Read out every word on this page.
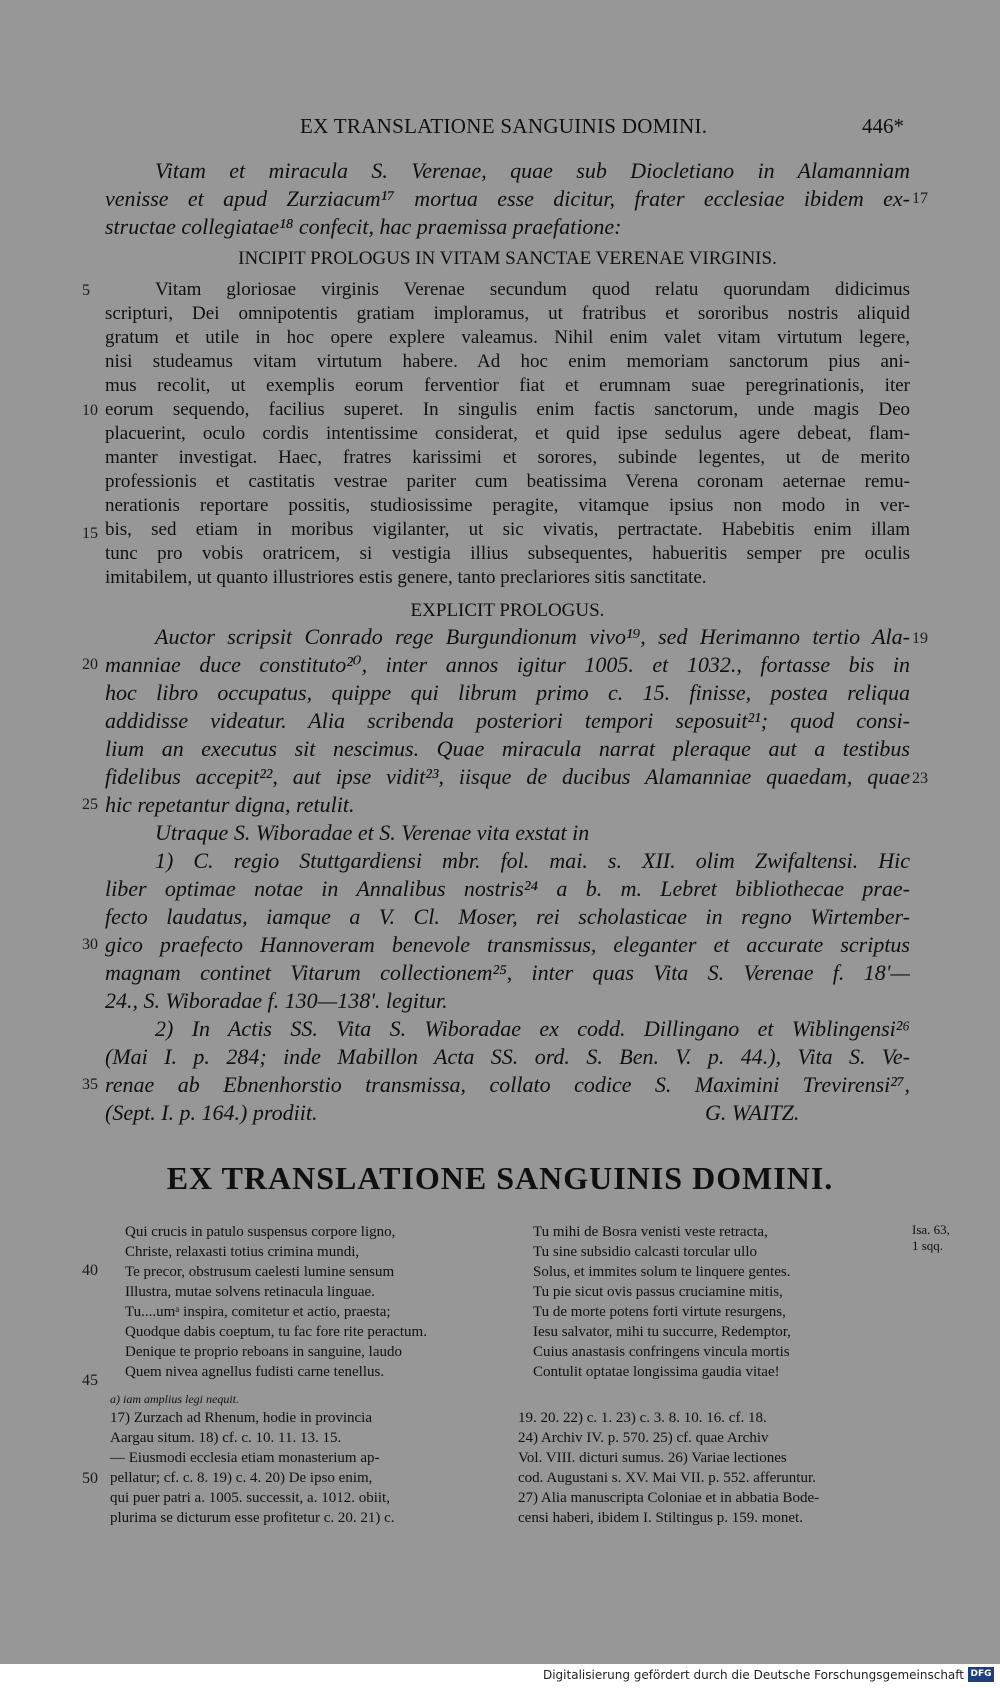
EX TRANSLATIONE SANGUINIS DOMINI.	446*
Vitam et miracula S. Verenae, quae sub Diocletiano in Alamanniam
venisse et apud Zurziacum¹⁷ mortua esse dicitur, frater ecclesiae ibidem ex-
structae collegiatae¹⁸ confecit, hac praemissa praefatione:
INCIPIT PROLOGUS IN VITAM SANCTAE VERENAE VIRGINIS.
Vitam gloriosae virginis Verenae secundum quod relatu quorundam didicimus
scripturi, Dei omnipotentis gratiam imploramus, ut fratribus et sororibus nostris aliquid
gratum et utile in hoc opere explere valeamus. Nihil enim valet vitam virtutum legere,
nisi studeamus vitam virtutum habere. Ad hoc enim memoriam sanctorum pius ani-
mus recolit, ut exemplis eorum ferventior fiat et erumnam suae peregrinationis, iter
eorum sequendo, facilius superet. In singulis enim factis sanctorum, unde magis Deo
placuerint, oculo cordis intentissime considerat, et quid ipse sedulus agere debeat, flam-
manter investigat. Haec, fratres karissimi et sorores, subinde legentes, ut de merito
professionis et castitatis vestrae pariter cum beatissima Verena coronam aeternae remu-
nerationis reportare possitis, studiosissime peragite, vitamque ipsius non modo in ver-
bis, sed etiam in moribus vigilanter, ut sic vivatis, pertractate. Habebitis enim illam
tunc pro vobis oratricem, si vestigia illius subsequentes, habueritis semper pre oculis
imitabilem, ut quanto illustriores estis genere, tanto preclariores sitis sanctitate.
EXPLICIT PROLOGUS.
Auctor scripsit Conrado rege Burgundionum vivo¹⁹, sed Herimanno tertio Ala-
manniae duce constituto²⁰, inter annos igitur 1005. et 1032., fortasse bis in
hoc libro occupatus, quippe qui librum primo c. 15. finisse, postea reliqua
addidisse videatur. Alia scribenda posteriori tempori seposuit²¹; quod consi-
lium an executus sit nescimus. Quae miracula narrat pleraque aut a testibus
fidelibus accepit²², aut ipse vidit²³, iisque de ducibus Alamanniae quaedam, quae
hic repetantur digna, retulit.
Utraque S. Wiboradae et S. Verenae vita exstat in
1) C. regio Stuttgardiensi mbr. fol. mai. s. XII. olim Zwifaltensi. Hic
liber optimae notae in Annalibus nostris²⁴ a b. m. Lebret bibliothecae prae-
fecto laudatus, iamque a V. Cl. Moser, rei scholasticae in regno Wirtember-
gico praefecto Hannoveram benevole transmissus, eleganter et accurate scriptus
magnam continet Vitarum collectionem²⁵, inter quas Vita S. Verenae f. 18'—
24., S. Wiboradae f. 130—138'. legitur.
2) In Actis SS. Vita S. Wiboradae ex codd. Dillingano et Wiblingensi²⁶
(Mai I. p. 284; inde Mabillon Acta SS. ord. S. Ben. V. p. 44.), Vita S. Ve-
renae ab Ebnenhorstio transmissa, collato codice S. Maximini Trevirensi²⁷,
(Sept. I. p. 164.) prodiit.	G. WAITZ.
5
10
15
20
25
30
35
40
45
50
17
19
23
EX TRANSLATIONE SANGUINIS DOMINI.
Qui crucis in patulo suspensus corpore ligno,
Christe, relaxasti totius crimina mundi,
Te precor, obstrusum caelesti lumine sensum
Illustra, mutae solvens retinacula linguae.
Tu....umᵃ inspira, comitetur et actio, praesta;
Quodque dabis coeptum, tu fac fore rite peractum.
Denique te proprio reboans in sanguine, laudo
Quem nivea agnellus fudisti carne tenellus.
Tu mihi de Bosra venisti veste retracta,
Tu sine subsidio calcasti torcular ullo
Solus, et immites solum te linquere gentes.
Tu pie sicut ovis passus cruciamine mitis,
Tu de morte potens forti virtute resurgens,
Iesu salvator, mihi tu succurre, Redemptor,
Cuius anastasis confringens vincula mortis
Contulit optatae longissima gaudia vitae!
Isa. 63,
1 sqq.
a) iam amplius legi nequit.
17) Zurzach ad Rhenum, hodie in provincia
Aargau situm. 18) cf. c. 10. 11. 13. 15.
— Eiusmodi ecclesia etiam monasterium ap-
pellatur; cf. c. 8. 19) c. 4. 20) De ipso enim,
qui puer patri a. 1005. successit, a. 1012. obiit,
plurima se dicturum esse profitetur c. 20. 21) c.
19. 20. 22) c. 1. 23) c. 3. 8. 10. 16. cf. 18.
24) Archiv IV. p. 570. 25) cf. quae Archiv
Vol. VIII. dicturi sumus. 26) Variae lectiones
cod. Augustani s. XV. Mai VII. p. 552. afferuntur.
27) Alia manuscripta Coloniae et in abbatia Bode-
censi haberi, ibidem I. Stiltingus p. 159. monet.
Digitalisierung gefördert durch die Deutsche Forschungsgemeinschaft DFG
